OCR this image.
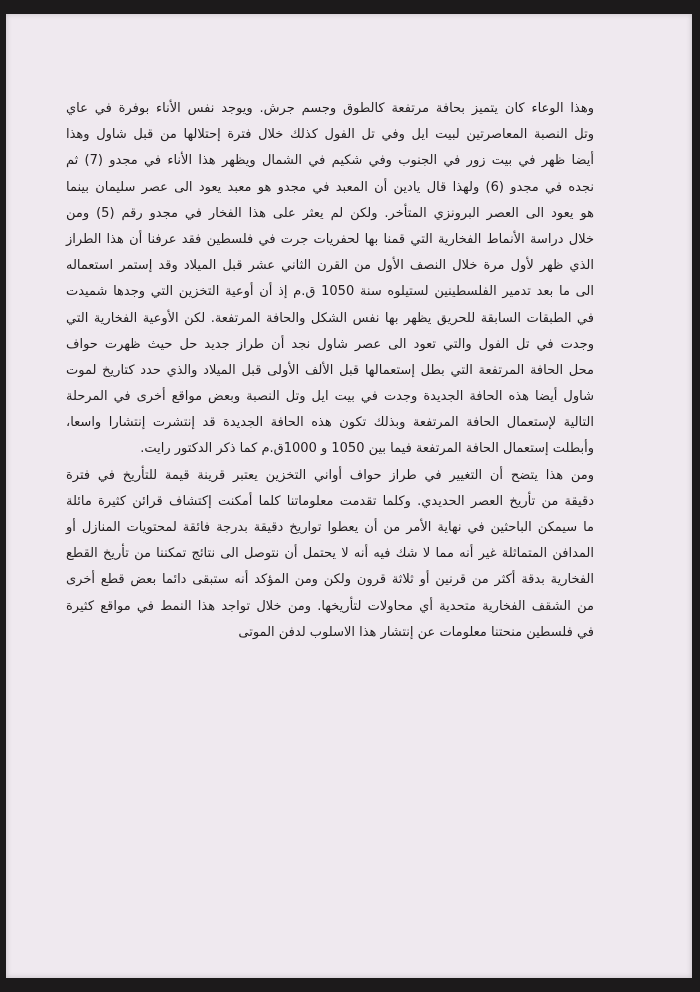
وهذا الوعاء كان يتميز بحافة مرتفعة كالطوق وجسم جرش. ويوجد نفس الأناء بوفرة في عاي
وتل النصبة المعاصرتين لبيت ايل وفي تل الفول كذلك خلال فترة إحتلالها من قبل شاول وهذا
أيضا ظهر في بيت زور في الجنوب وفي شكيم في الشمال ويظهر هذا الأناء في مجدو (7) ثم
نجده في مجدو (6) ولهذا قال يادين أن المعبد في مجدو هو معبد يعود الى عصر سليمان بينما
هو يعود الى العصر البرونزي المتأخر. ولكن لم يعثر على هذا الفخار في مجدو رقم (5) ومن
خلال دراسة الأنماط الفخارية التي قمنا بها لحفريات جرت في فلسطين فقد عرفنا أن هذا الطراز
الذي ظهر لأول مرة خلال النصف الأول من القرن الثاني عشر قبل الميلاد وقد إستمر استعماله
الى ما بعد تدمير الفلسطينين لستيلوه سنة 1050 ق.م إذ أن أوعية التخزين التي وجدها شميدت
في الطبقات السابقة للحريق يظهر بها نفس الشكل والحافة المرتفعة. لكن الأوعية الفخارية التي
وجدت في تل الفول والتي تعود الى عصر شاول نجد أن طراز جديد حل حيث ظهرت حواف
محل الحافة المرتفعة التي بطل إستعمالها قبل الألف الأولى قبل الميلاد والذي حدد كتاريخ لموت
شاول أيضا هذه الحافة الجديدة وجدت في بيت ايل وتل النصبة وبعض مواقع أخرى في المرحلة
التالية لإستعمال الحافة المرتفعة وبذلك تكون هذه الحافة الجديدة قد إنتشرت إنتشارا واسعا،
وأبطلت إستعمال الحافة المرتفعة فيما بين 1050 و 1000ق.م كما ذكر الدكتور رايت.
ومن هذا يتضح أن التغيير في طراز حواف أواني التخزين يعتبر قرينة قيمة للتأريخ في فترة
دقيقة من تأريخ العصر الحديدي. وكلما تقدمت معلوماتنا كلما أمكنت إكتشاف قرائن كثيرة مائلة
ما سيمكن الباحثين في نهاية الأمر من أن يعطوا تواريخ دقيقة بدرجة فائقة لمحتويات المنازل أو
المدافن المتماثلة غير أنه مما لا شك فيه أنه لا يحتمل أن نتوصل الى نتائج تمكننا من تأريخ القطع
الفخارية بدقة أكثر من قرنين أو ثلاثة قرون ولكن ومن المؤكد أنه ستبقى دائما بعض قطع أخرى
من الشقف الفخارية متحدية أي محاولات لتأريخها. ومن خلال تواجد هذا النمط في مواقع كثيرة
في فلسطين منحتنا معلومات عن إنتشار هذا الاسلوب لدفن الموتى
